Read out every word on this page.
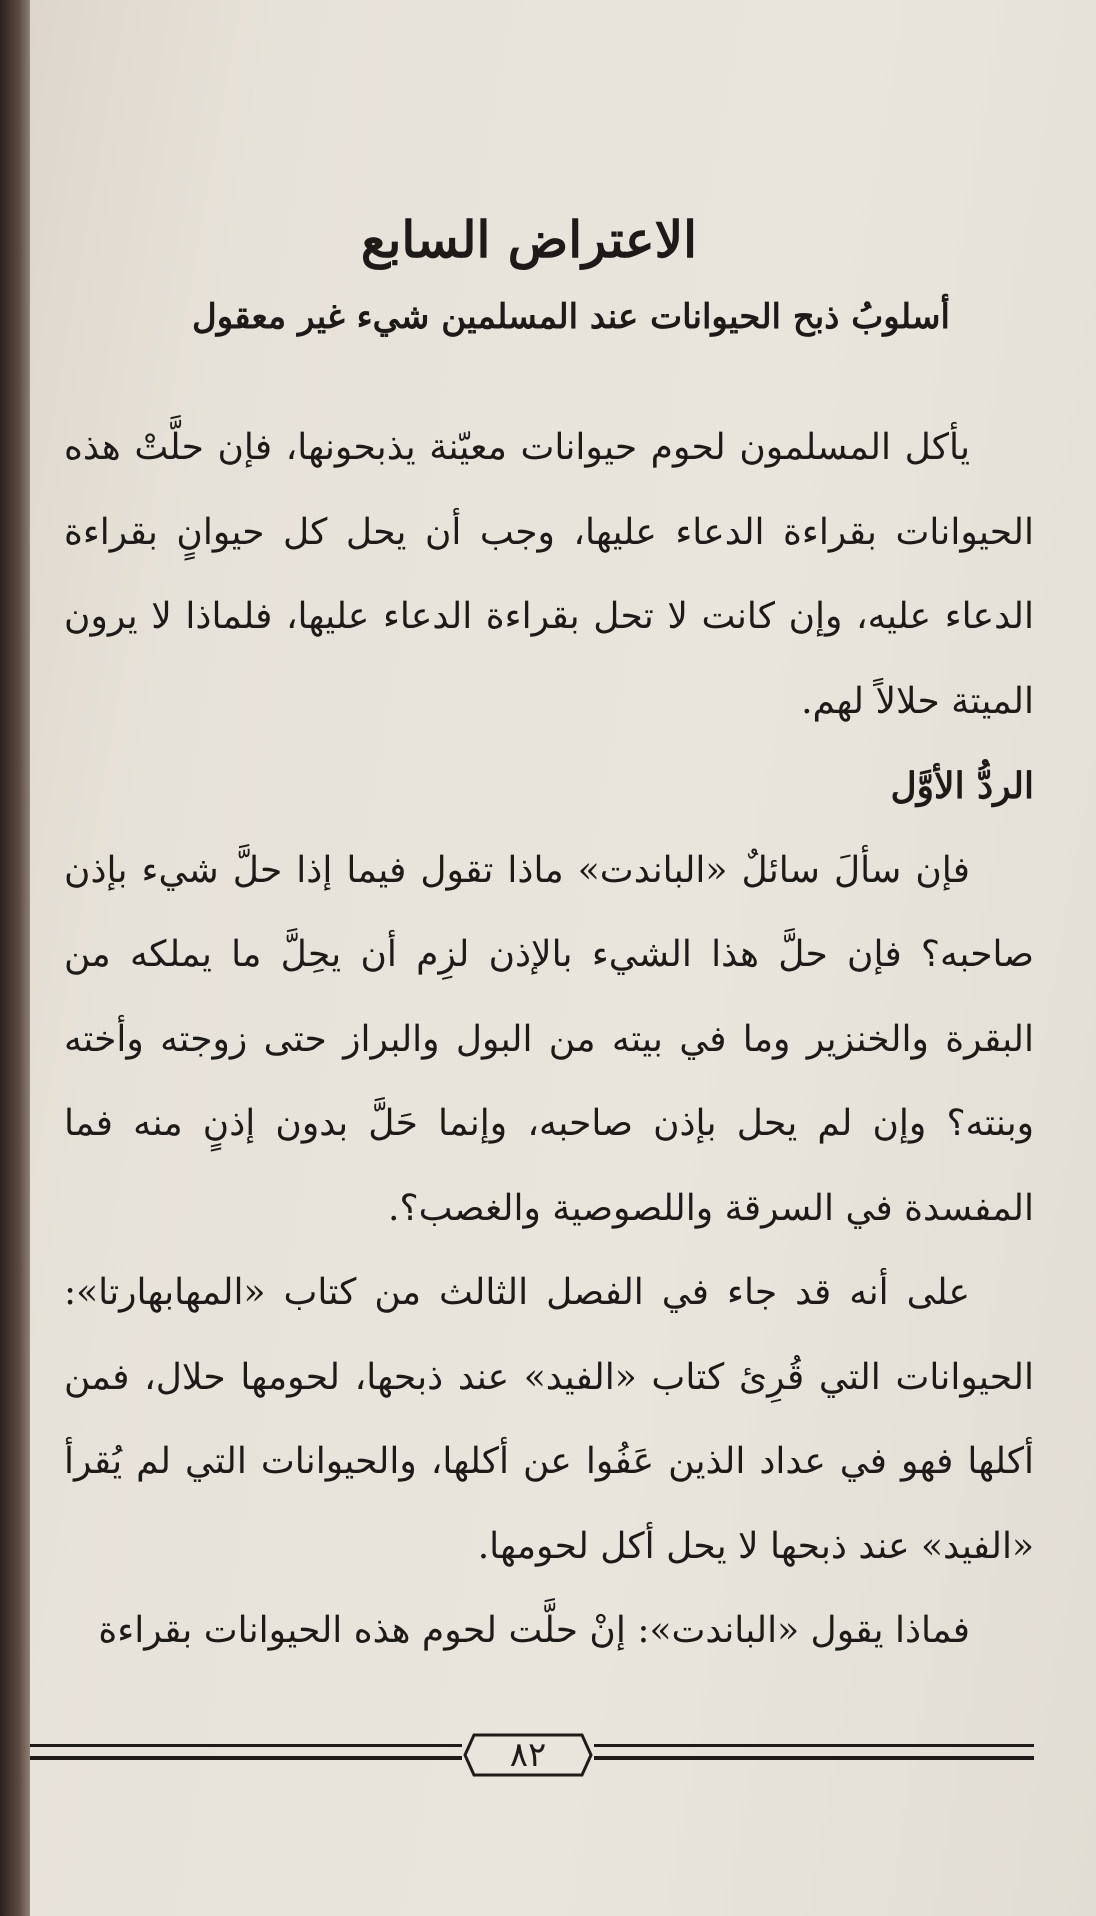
الاعتراض السابع
أسلوبُ ذبح الحيوانات عند المسلمين شيء غير معقول

يأكل المسلمون لحوم حيوانات معيّنة يذبحونها، فإن حلَّتْ هذه الحيوانات بقراءة الدعاء عليها، وجب أن يحل كل حيوانٍ بقراءة الدعاء عليه، وإن كانت لا تحل بقراءة الدعاء عليها، فلماذا لا يرون الميتة حلالاً لهم.

الردُّ الأوَّل

فإن سألَ سائلٌ «الباندت» ماذا تقول فيما إذا حلَّ شيء بإذن صاحبه؟ فإن حلَّ هذا الشيء بالإذن لزِم أن يحِلَّ ما يملكه من البقرة والخنزير وما في بيته من البول والبراز حتى زوجته وأخته وبنته؟ وإن لم يحل بإذن صاحبه، وإنما حَلَّ بدون إذنٍ منه فما المفسدة في السرقة واللصوصية والغصب؟.

على أنه قد جاء في الفصل الثالث من كتاب «المهابهارتا»: الحيوانات التي قُرِئ كتاب «الفيد» عند ذبحها، لحومها حلال، فمن أكلها فهو في عداد الذين عَفُوا عن أكلها، والحيوانات التي لم يُقرأ «الفيد» عند ذبحها لا يحل أكل لحومها.

فماذا يقول «الباندت»: إنْ حلَّت لحوم هذه الحيوانات بقراءة

٨٢
